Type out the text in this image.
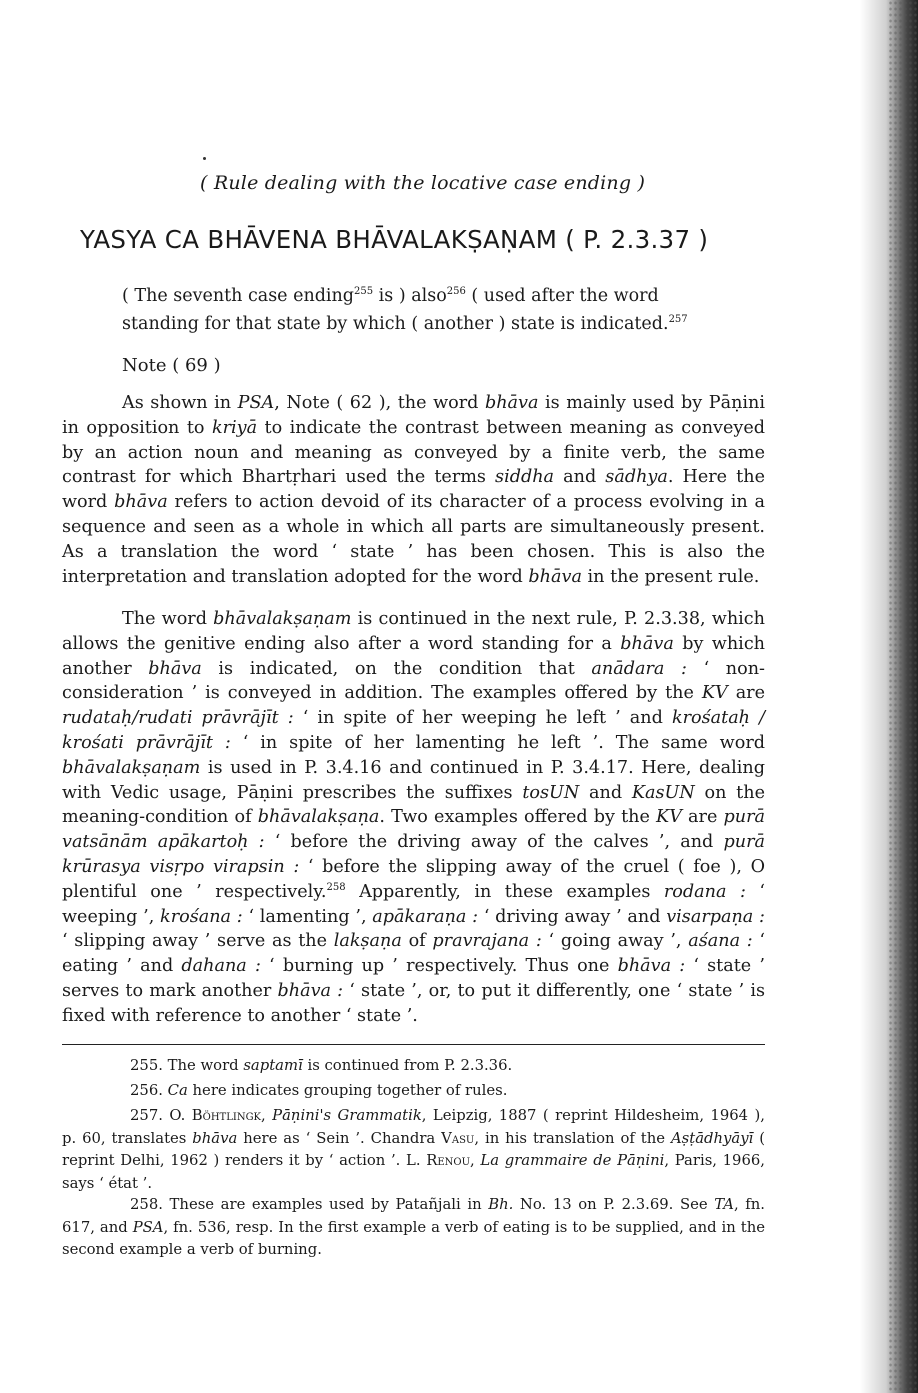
( Rule dealing with the locative case ending )
YASYA CA BHĀVENA BHĀVALAKṢAṆAM ( P. 2.3.37 )
( The seventh case ending$^{255}$ is ) also$^{256}$ ( used after the word standing for that state by which ( another ) state is indicated.$^{257}$
Note ( 69 )

As shown in PSA, Note ( 62 ), the word bhāva is mainly used by Pāṇini in opposition to kriyā to indicate the contrast between meaning as conveyed by an action noun and meaning as conveyed by a finite verb, the same contrast for which Bhartṛhari used the terms siddha and sādhya. Here the word bhāva refers to action devoid of its character of a process evolving in a sequence and seen as a whole in which all parts are simultaneously present. As a translation the word ‘ state ’ has been chosen. This is also the interpretation and translation adopted for the word bhāva in the present rule.

The word bhāvalakṣaṇam is continued in the next rule, P. 2.3.38, which allows the genitive ending also after a word standing for a bhāva by which another bhāva is indicated, on the condition that anādara : ‘ non-consideration ’ is conveyed in addition. The examples offered by the KV are rudataḥ/rudati prāvrājīt : ‘ in spite of her weeping he left ’ and krośataḥ / krośati prāvrājīt : ‘ in spite of her lamenting he left ’. The same word bhāvalakṣaṇam is used in P. 3.4.16 and continued in P. 3.4.17. Here, dealing with Vedic usage, Pāṇini prescribes the suffixes tosUN and KasUN on the meaning-condition of bhāvalakṣaṇa. Two examples offered by the KV are purā vatsānām apākartoḥ : ‘ before the driving away of the calves ’, and purā krūrasya visṛpo virapsin : ‘ before the slipping away of the cruel ( foe ), O plentiful one ’ respectively.$^{258}$ Apparently, in these examples rodana : ‘ weeping ’, krośana : ‘ lamenting ’, apākaraṇa : ‘ driving away ’ and visarpaṇa : ‘ slipping away ’ serve as the lakṣaṇa of pravrajana : ‘ going away ’, aśana : ‘ eating ’ and dahana : ‘ burning up ’ respectively. Thus one bhāva : ‘ state ’ serves to mark another bhāva : ‘ state ’, or, to put it differently, one ‘ state ’ is fixed with reference to another ‘ state ’.

255. The word saptamī is continued from P. 2.3.36.

256. Ca here indicates grouping together of rules.

257. O. Böhtlingk, Pāṇini's Grammatik, Leipzig, 1887 ( reprint Hildesheim, 1964 ), p. 60, translates bhāva here as ‘ Sein ’. Chandra Vasu, in his translation of the Aṣṭādhyāyī ( reprint Delhi, 1962 ) renders it by ‘ action ’. L. Renou, La grammaire de Pāṇini, Paris, 1966, says ‘ état ’.

258. These are examples used by Patañjali in Bh. No. 13 on P. 2.3.69. See TA, fn. 617, and PSA, fn. 536, resp. In the first example a verb of eating is to be supplied, and in the second example a verb of burning.
